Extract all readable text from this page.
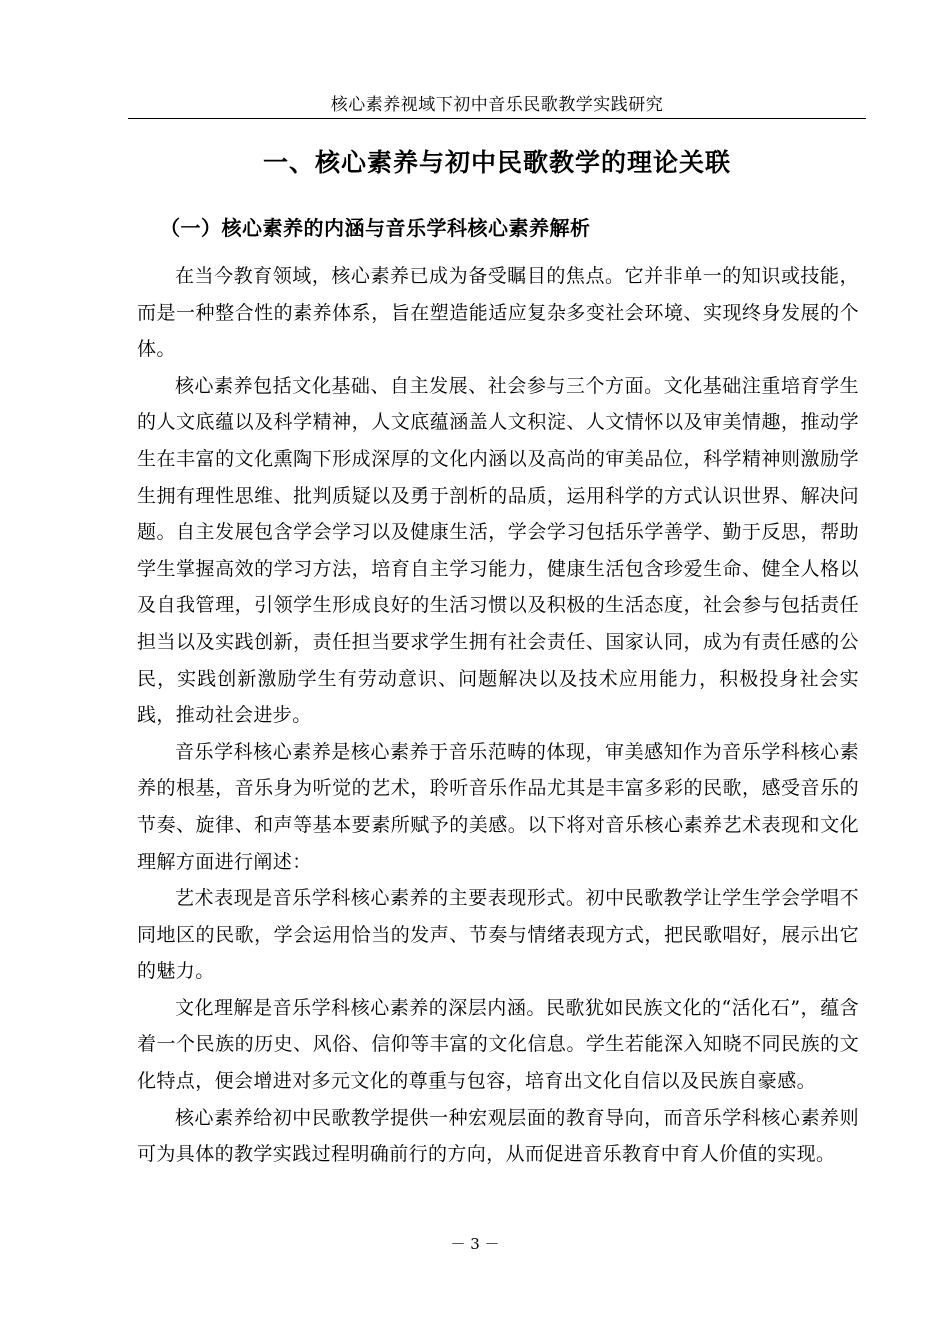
核心素养视域下初中音乐民歌教学实践研究
一、核心素养与初中民歌教学的理论关联
（一）核心素养的内涵与音乐学科核心素养解析

在当今教育领域，核心素养已成为备受瞩目的焦点。它并非单一的知识或技能，而是一种整合性的素养体系，旨在塑造能适应复杂多变社会环境、实现终身发展的个体。

核心素养包括文化基础、自主发展、社会参与三个方面。文化基础注重培育学生的人文底蕴以及科学精神，人文底蕴涵盖人文积淀、人文情怀以及审美情趣，推动学生在丰富的文化熏陶下形成深厚的文化内涵以及高尚的审美品位，科学精神则激励学生拥有理性思维、批判质疑以及勇于剖析的品质，运用科学的方式认识世界、解决问题。自主发展包含学会学习以及健康生活，学会学习包括乐学善学、勤于反思，帮助学生掌握高效的学习方法，培育自主学习能力，健康生活包含珍爱生命、健全人格以及自我管理，引领学生形成良好的生活习惯以及积极的生活态度，社会参与包括责任担当以及实践创新，责任担当要求学生拥有社会责任、国家认同，成为有责任感的公民，实践创新激励学生有劳动意识、问题解决以及技术应用能力，积极投身社会实践，推动社会进步。

音乐学科核心素养是核心素养于音乐范畴的体现，审美感知作为音乐学科核心素养的根基，音乐身为听觉的艺术，聆听音乐作品尤其是丰富多彩的民歌，感受音乐的节奏、旋律、和声等基本要素所赋予的美感。以下将对音乐核心素养艺术表现和文化理解方面进行阐述：

艺术表现是音乐学科核心素养的主要表现形式。初中民歌教学让学生学会学唱不同地区的民歌，学会运用恰当的发声、节奏与情绪表现方式，把民歌唱好，展示出它的魅力。

文化理解是音乐学科核心素养的深层内涵。民歌犹如民族文化的“活化石”，蕴含着一个民族的历史、风俗、信仰等丰富的文化信息。学生若能深入知晓不同民族的文化特点，便会增进对多元文化的尊重与包容，培育出文化自信以及民族自豪感。

核心素养给初中民歌教学提供一种宏观层面的教育导向，而音乐学科核心素养则可为具体的教学实践过程明确前行的方向，从而促进音乐教育中育人价值的实现。

－ 3 －
